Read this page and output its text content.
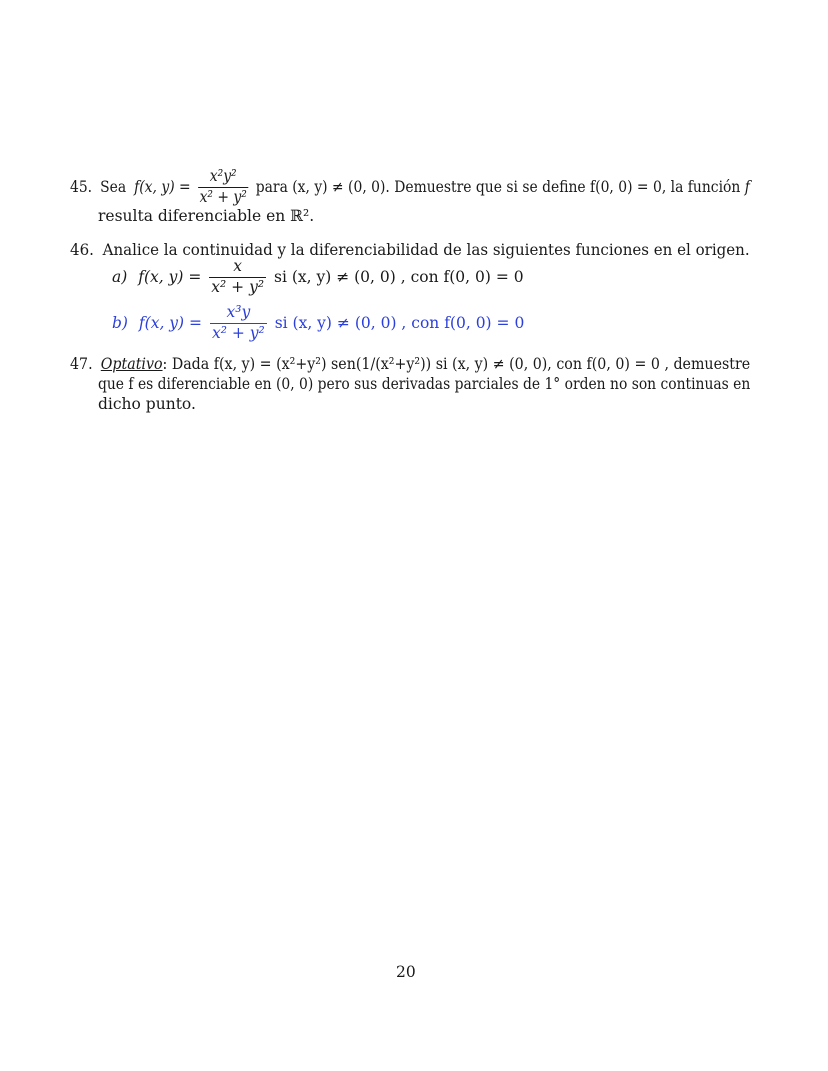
45. Sea f(x, $y) = \frac{\text{x²y²}}{\text{x² + y²}}$ para (x, y) ≠ (0, 0). Demuestre que si se define f(0, 0) = 0, la función f
resulta diferenciable en ℝ².
46. Analice la continuidad y la diferenciabilidad de las siguientes funciones en el origen.
a) f(x, $y) = \frac{x}{\text{x² + y²}}$ si (x, y) ≠ (0, 0) , con f(0, 0) = 0
b) f(x, $y) = \frac{\text{x³y}}{\text{x² + y²}}$ si (x, y) ≠ (0, 0) , con f(0, 0) = 0
47. Optativo: Dada f(x, y) = (x²+y²) sen(1/(x²+y²)) si (x, y) ≠ (0, 0), con f(0, 0) = 0 , demuestre
que f es diferenciable en (0, 0) pero sus derivadas parciales de 1° orden no son continuas en
dicho punto.
20
